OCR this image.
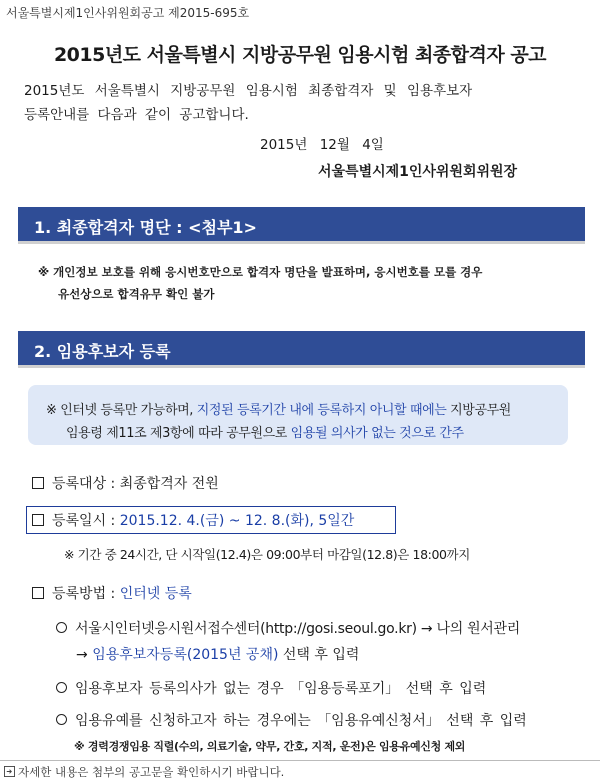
서울특별시제1인사위원회공고 제2015-695호
2015년도 서울특별시 지방공무원 임용시험 최종합격자 공고
2015년도 서울특별시 지방공무원 임용시험 최종합격자 및 임용후보자
등록안내를 다음과 같이 공고합니다.
2015년 12월 4일
서울특별시제1인사위원회위원장
1. 최종합격자 명단 : <첨부1>
※ 개인정보 보호를 위해 응시번호만으로 합격자 명단을 발표하며, 응시번호를 모를 경우
유선상으로 합격유무 확인 불가
2. 임용후보자 등록
※ 인터넷 등록만 가능하며, 지정된 등록기간 내에 등록하지 아니할 때에는 지방공무원
임용령 제11조 제3항에 따라 공무원으로 임용될 의사가 없는 것으로 간주
등록대상 : 최종합격자 전원
등록일시 : 2015.12. 4.(금) ~ 12. 8.(화), 5일간
※ 기간 중 24시간, 단 시작일(12.4)은 09:00부터 마감일(12.8)은 18:00까지
등록방법 : 인터넷 등록
서울시인터넷응시원서접수센터(http://gosi.seoul.go.kr) → 나의 원서관리
→ 임용후보자등록(2015년 공채) 선택 후 입력
임용후보자 등록의사가 없는 경우 「임용등록포기」 선택 후 입력
임용유예를 신청하고자 하는 경우에는 「임용유예신청서」 선택 후 입력
※ 경력경쟁임용 직렬(수의, 의료기술, 약무, 간호, 지적, 운전)은 임용유예신청 제외
자세한 내용은 첨부의 공고문을 확인하시기 바랍니다.
